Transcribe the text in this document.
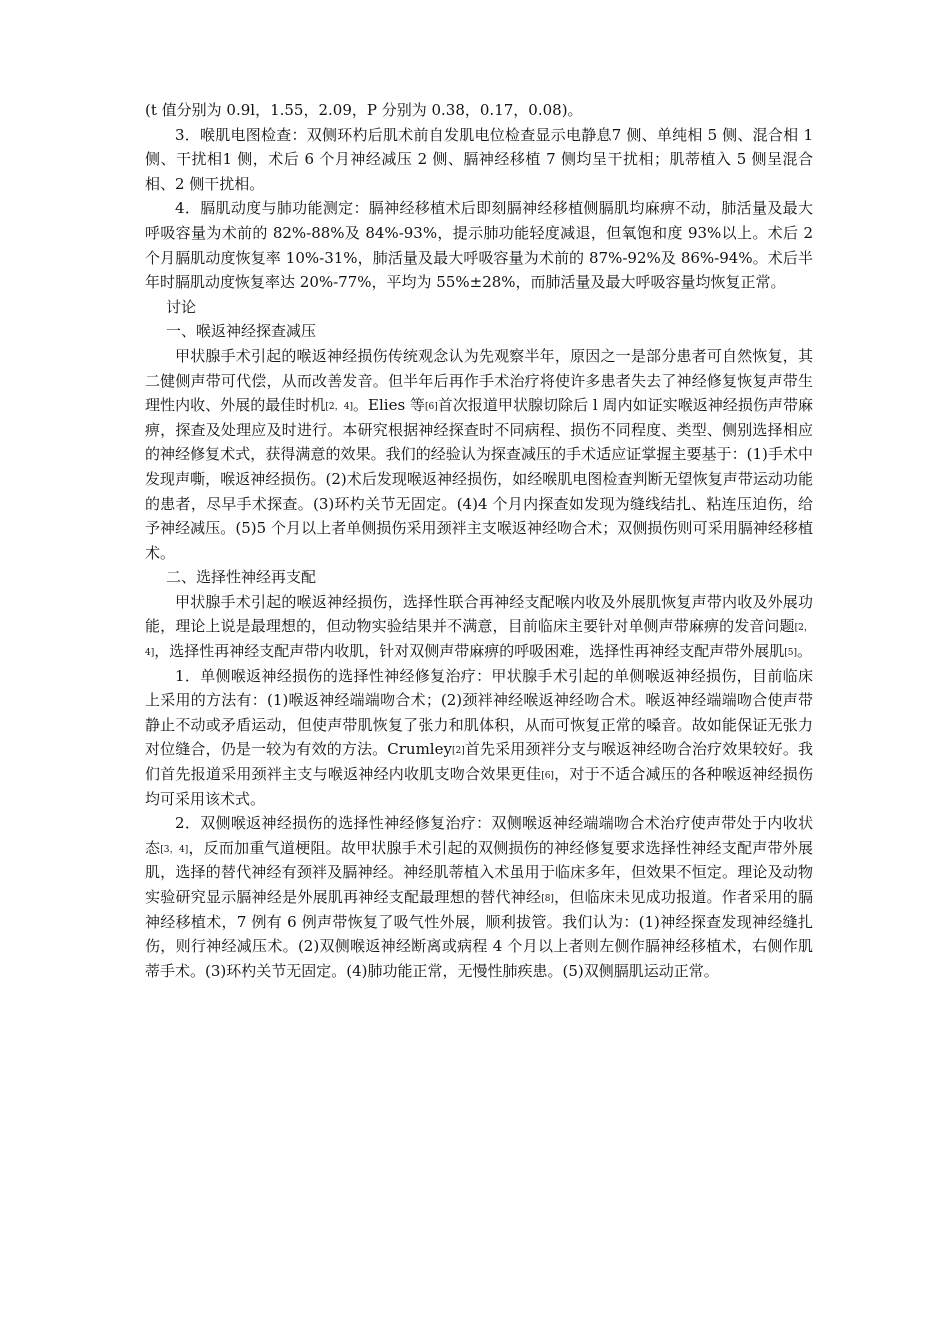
(t 值分别为 0.9l，1.55，2.09，P 分别为 0.38，0.17，0.08)。

3．喉肌电图检查：双侧环杓后肌术前自发肌电位检查显示电静息7 侧、单纯相 5 侧、混合相 1 侧、干扰相1 侧，术后 6 个月神经减压 2 侧、膈神经移植 7 侧均呈干扰相；肌蒂植入 5 侧呈混合相、2 侧干扰相。

4．膈肌动度与肺功能测定：膈神经移植术后即刻膈神经移植侧膈肌均麻痹不动，肺活量及最大呼吸容量为术前的 82%-88%及 84%-93%，提示肺功能轻度减退，但氧饱和度 93%以上。术后 2 个月膈肌动度恢复率 10%-31%，肺活量及最大呼吸容量为术前的 87%-92%及 86%-94%。术后半年时膈肌动度恢复率达 20%-77%，平均为 55%±28%，而肺活量及最大呼吸容量均恢复正常。

讨论

一、喉返神经探查减压

甲状腺手术引起的喉返神经损伤传统观念认为先观察半年，原因之一是部分患者可自然恢复，其二健侧声带可代偿，从而改善发音。但半年后再作手术治疗将使许多患者失去了神经修复恢复声带生理性内收、外展的最佳时机[2，4]。Elies 等[6]首次报道甲状腺切除后 l 周内如证实喉返神经损伤声带麻痹，探查及处理应及时进行。本研究根据神经探查时不同病程、损伤不同程度、类型、侧别选择相应的神经修复术式，获得满意的效果。我们的经验认为探查减压的手术适应证掌握主要基于：(1)手术中发现声嘶，喉返神经损伤。(2)术后发现喉返神经损伤，如经喉肌电图检查判断无望恢复声带运动功能的患者，尽早手术探查。(3)环杓关节无固定。(4)4 个月内探查如发现为缝线结扎、粘连压迫伤，给予神经减压。(5)5 个月以上者单侧损伤采用颈袢主支喉返神经吻合术；双侧损伤则可采用膈神经移植术。

二、选择性神经再支配

甲状腺手术引起的喉返神经损伤，选择性联合再神经支配喉内收及外展肌恢复声带内收及外展功能，理论上说是最理想的，但动物实验结果并不满意，目前临床主要针对单侧声带麻痹的发音问题[2，4]，选择性再神经支配声带内收肌，针对双侧声带麻痹的呼吸困难，选择性再神经支配声带外展肌[5]。

1．单侧喉返神经损伤的选择性神经修复治疗：甲状腺手术引起的单侧喉返神经损伤，目前临床上采用的方法有：(1)喉返神经端端吻合术；(2)颈袢神经喉返神经吻合术。喉返神经端端吻合使声带静止不动或矛盾运动，但使声带肌恢复了张力和肌体积，从而可恢复正常的嗓音。故如能保证无张力对位缝合，仍是一较为有效的方法。Crumley[2]首先采用颈袢分支与喉返神经吻合治疗效果较好。我们首先报道采用颈袢主支与喉返神经内收肌支吻合效果更佳[6]，对于不适合减压的各种喉返神经损伤均可采用该术式。

2．双侧喉返神经损伤的选择性神经修复治疗：双侧喉返神经端端吻合术治疗使声带处于内收状态[3，4]，反而加重气道梗阻。故甲状腺手术引起的双侧损伤的神经修复要求选择性神经支配声带外展肌，选择的替代神经有颈袢及膈神经。神经肌蒂植入术虽用于临床多年，但效果不恒定。理论及动物实验研究显示膈神经是外展肌再神经支配最理想的替代神经[8]，但临床未见成功报道。作者采用的膈神经移植术，7 例有 6 例声带恢复了吸气性外展，顺利拔管。我们认为：(1)神经探查发现神经缝扎伤，则行神经减压术。(2)双侧喉返神经断离或病程 4 个月以上者则左侧作膈神经移植术，右侧作肌蒂手术。(3)环杓关节无固定。(4)肺功能正常，无慢性肺疾患。(5)双侧膈肌运动正常。
